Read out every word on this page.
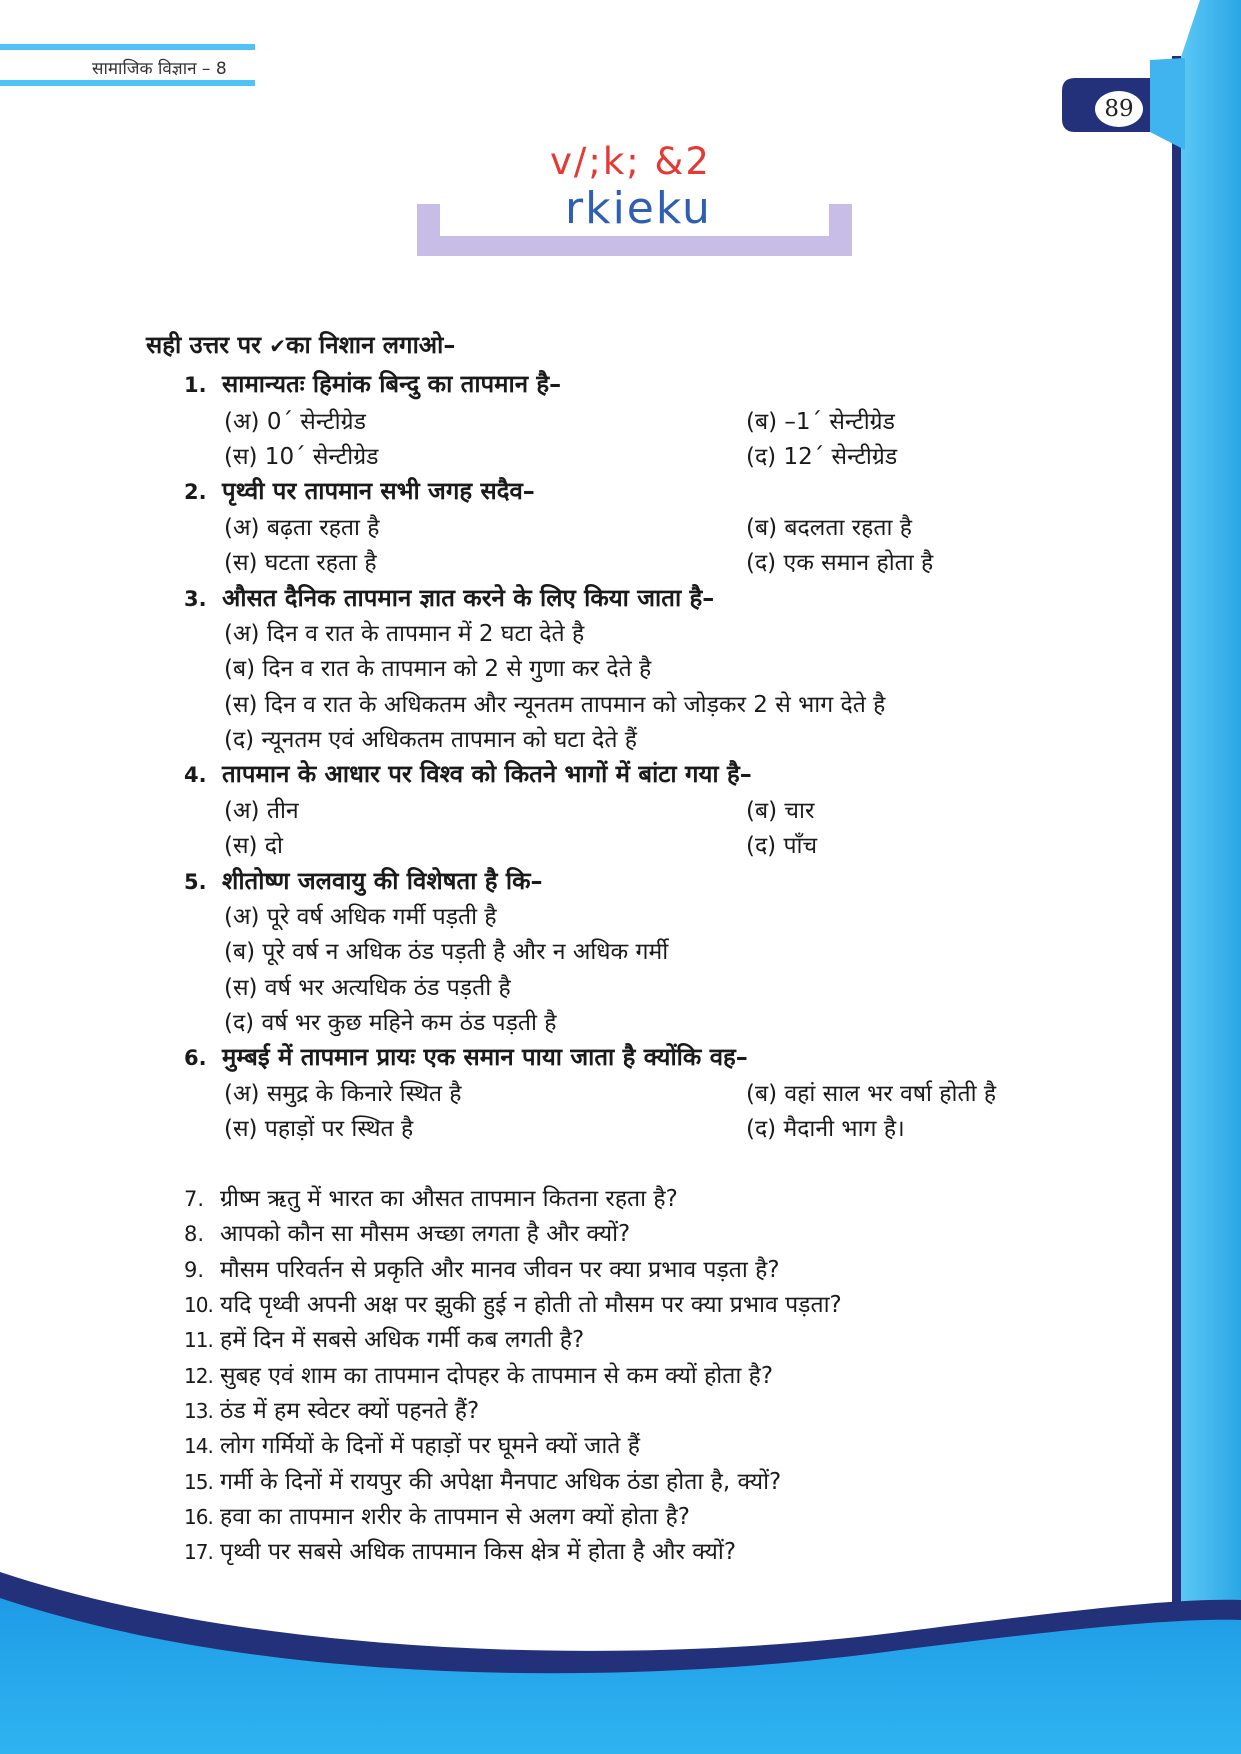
सामाजिक विज्ञान – 8
89
v/;k; &2
rkieku
सही उत्तर पर ✔का निशान लगाओ–
1. सामान्यतः हिमांक बिन्दु का तापमान है–
(अ) 0´ सेन्टीग्रेड	(ब) –1´ सेन्टीग्रेड
(स) 10´ सेन्टीग्रेड	(द) 12´ सेन्टीग्रेड
2. पृथ्वी पर तापमान सभी जगह सदैव–
(अ) बढ़ता रहता है	(ब) बदलता रहता है
(स) घटता रहता है	(द) एक समान होता है
3. औसत दैनिक तापमान ज्ञात करने के लिए किया जाता है–
(अ) दिन व रात के तापमान में 2 घटा देते है
(ब) दिन व रात के तापमान को 2 से गुणा कर देते है
(स) दिन व रात के अधिकतम और न्यूनतम तापमान को जोड़कर 2 से भाग देते है
(द) न्यूनतम एवं अधिकतम तापमान को घटा देते हैं
4. तापमान के आधार पर विश्व को कितने भागों में बांटा गया है–
(अ) तीन	(ब) चार
(स) दो	(द) पाँच
5. शीतोष्ण जलवायु की विशेषता है कि–
(अ) पूरे वर्ष अधिक गर्मी पड़ती है
(ब) पूरे वर्ष न अधिक ठंड पड़ती है और न अधिक गर्मी
(स) वर्ष भर अत्यधिक ठंड पड़ती है
(द) वर्ष भर कुछ महिने कम ठंड पड़ती है
6. मुम्बई में तापमान प्रायः एक समान पाया जाता है क्योंकि वह–
(अ) समुद्र के किनारे स्थित है	(ब) वहां साल भर वर्षा होती है
(स) पहाड़ों पर स्थित है	(द) मैदानी भाग है।
7. ग्रीष्म ऋतु में भारत का औसत तापमान कितना रहता है?
8. आपको कौन सा मौसम अच्छा लगता है और क्यों?
9. मौसम परिवर्तन से प्रकृति और मानव जीवन पर क्या प्रभाव पड़ता है?
10. यदि पृथ्वी अपनी अक्ष पर झुकी हुई न होती तो मौसम पर क्या प्रभाव पड़ता?
11. हमें दिन में सबसे अधिक गर्मी कब लगती है?
12. सुबह एवं शाम का तापमान दोपहर के तापमान से कम क्यों होता है?
13. ठंड में हम स्वेटर क्यों पहनते हैं?
14. लोग गर्मियों के दिनों में पहाड़ों पर घूमने क्यों जाते हैं
15. गर्मी के दिनों में रायपुर की अपेक्षा मैनपाट अधिक ठंडा होता है, क्यों?
16. हवा का तापमान शरीर के तापमान से अलग क्यों होता है?
17. पृथ्वी पर सबसे अधिक तापमान किस क्षेत्र में होता है और क्यों?
